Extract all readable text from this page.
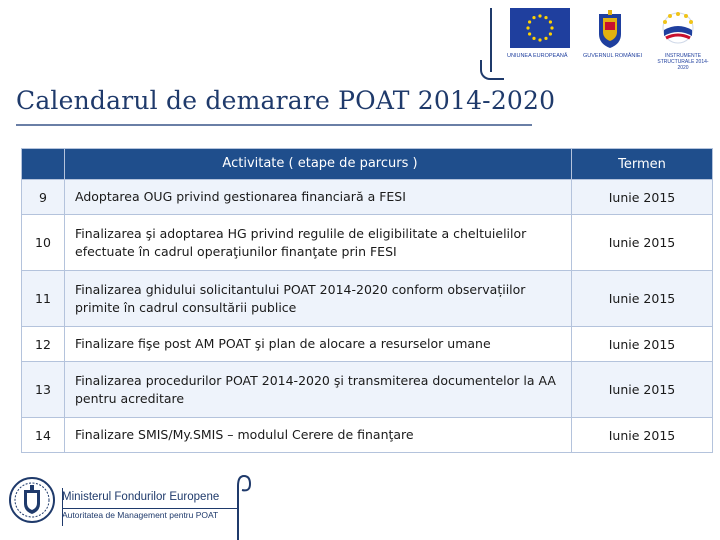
UNIUNEA EUROPEANĂ	GUVERNUL ROMÂNIEI	INSTRUMENTE STRUCTURALE 2014-2020
Calendarul de demarare POAT 2014-2020
	Activitate ( etape de parcurs )	Termen
9	Adoptarea OUG privind gestionarea financiară a FESI	Iunie 2015
10	Finalizarea şi adoptarea HG privind regulile de eligibilitate a cheltuielilor efectuate în cadrul operaţiunilor finanţate prin FESI	Iunie 2015
11	Finalizarea ghidului solicitantului POAT 2014-2020 conform observațiilor primite în cadrul consultării publice	Iunie 2015
12	Finalizare fişe post AM POAT şi plan de alocare a resurselor umane	Iunie 2015
13	Finalizarea procedurilor POAT 2014-2020 şi transmiterea documentelor la AA pentru acreditare	Iunie 2015
14	Finalizare SMIS/My.SMIS – modulul Cerere de finanţare	Iunie 2015
Ministerul Fondurilor Europene
Autoritatea de Management pentru POAT
